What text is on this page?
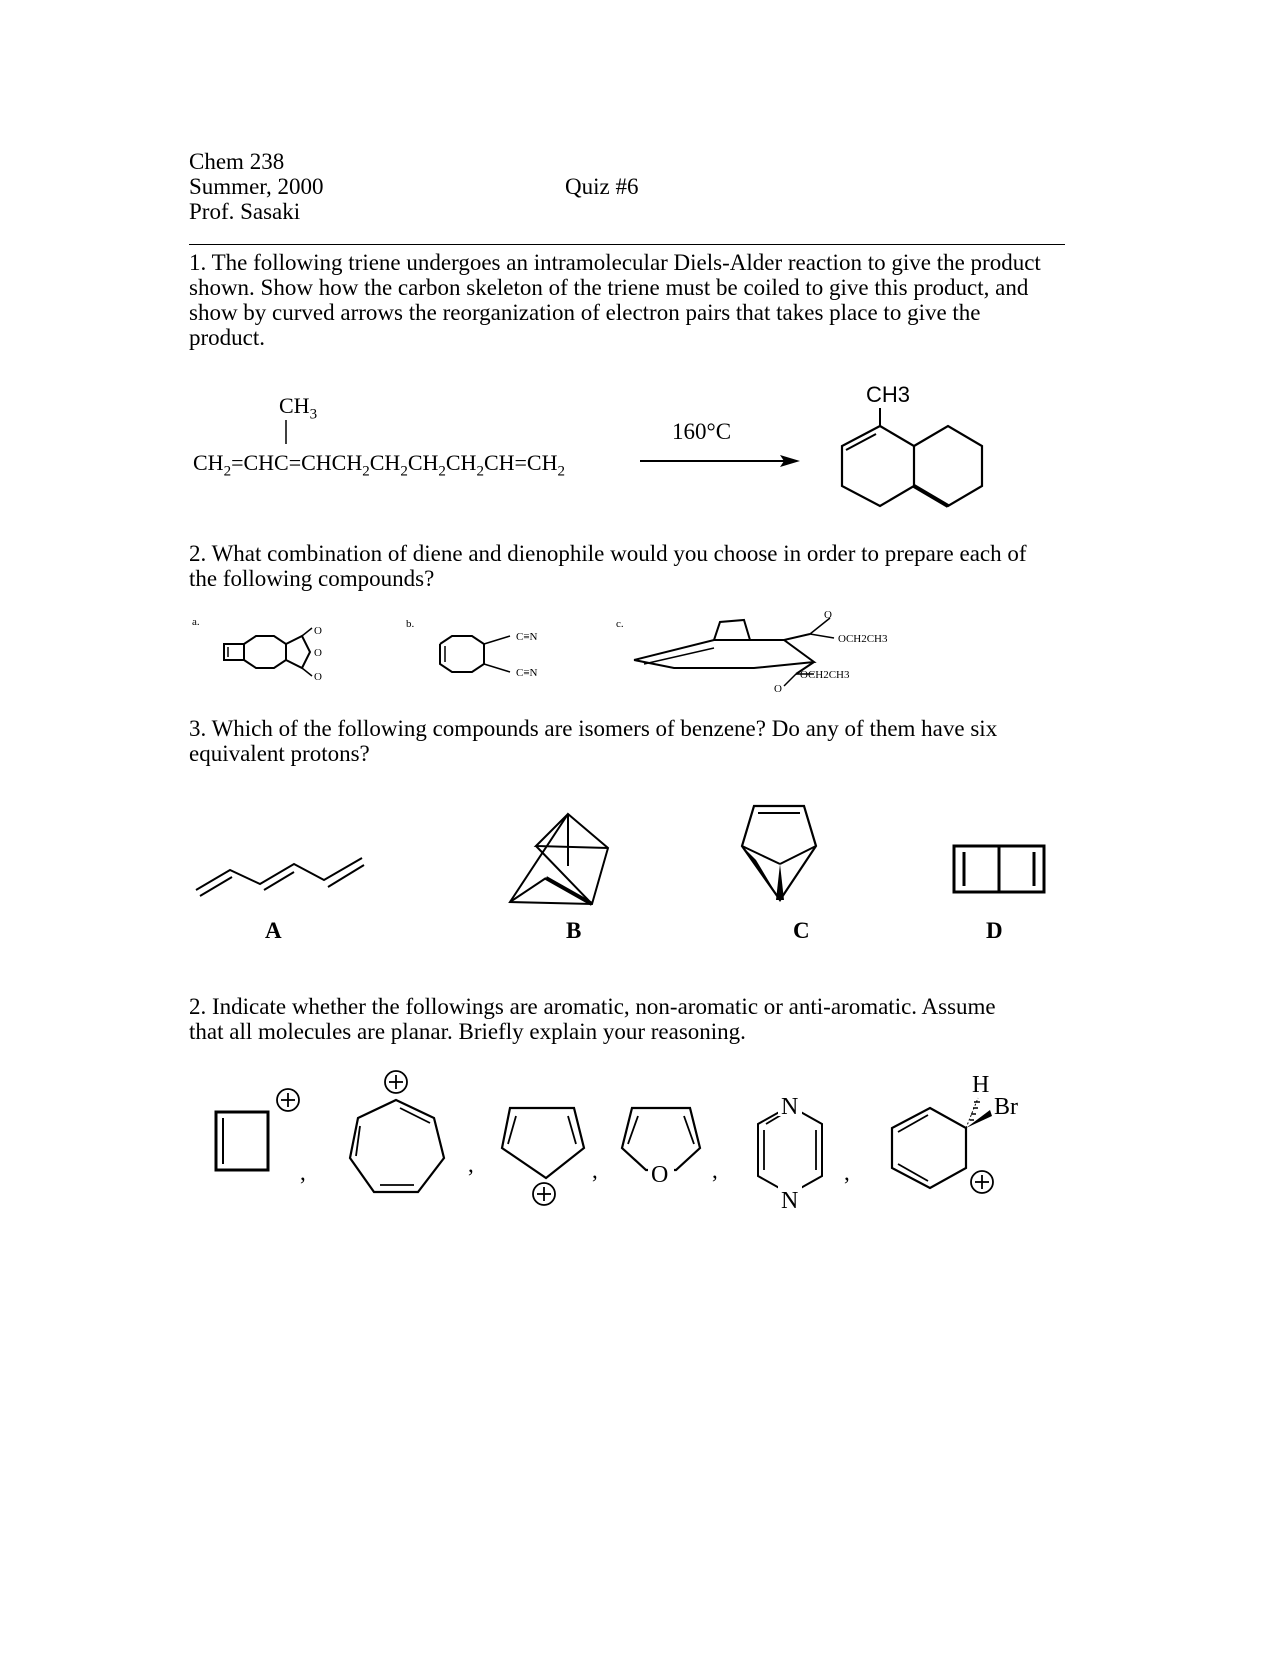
Chem 238
Summer, 2000
Prof. Sasaki
Quiz #6
1. The following triene undergoes an intramolecular Diels-Alder reaction to give the product
shown. Show how the carbon skeleton of the triene must be coiled to give this product, and
show by curved arrows the reorganization of electron pairs that takes place to give the
product.
$CH_3$
$CH_2=CHC=CHCH_2CH_2CH_2CH_2CH=CH_2$
160°C
CH3
2. What combination of diene and dienophile would you choose in order to prepare each of
the following compounds?
a.	b.	c.
O
O
O
C≡N
C≡N
O
OCH2CH3
O
OCH2CH3
3. Which of the following compounds are isomers of benzene? Do any of them have six
equivalent protons?
A	B	C	D
2. Indicate whether the followings are aromatic, non-aromatic or anti-aromatic. Assume
that all molecules are planar. Briefly explain your reasoning.
,	,	, O ,
N
N
,
H
Br
